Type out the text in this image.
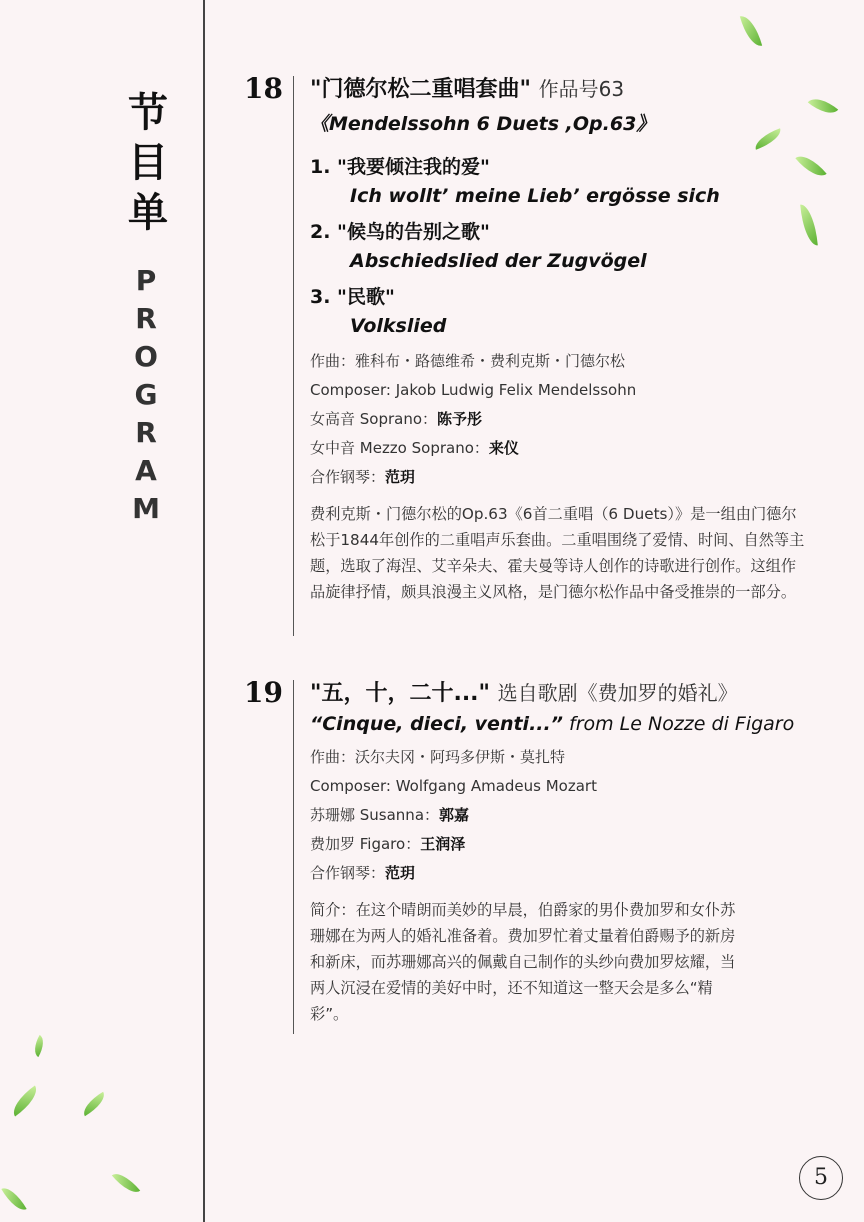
节
目
单
P
R
O
G
R
A
M
18 "门德尔松二重唱套曲" 作品号63
《Mendelssohn 6 Duets ,Op.63》
1. "我要倾注我的爱"
Ich wollt’ meine Lieb’ ergösse sich
2. "候鸟的告别之歌"
Abschiedslied der Zugvögel
3. "民歌"
Volkslied
作曲：雅科布・路德维希・费利克斯・门德尔松
Composer: Jakob Ludwig Felix Mendelssohn
女高音 Soprano：陈予彤
女中音 Mezzo Soprano：来仪
合作钢琴：范玥
费利克斯・门德尔松的Op.63《6首二重唱（6 Duets）》是一组由门德尔松于1844年创作的二重唱声乐套曲。二重唱围绕了爱情、时间、自然等主题，选取了海涅、艾辛朵夫、霍夫曼等诗人创作的诗歌进行创作。这组作品旋律抒情，颇具浪漫主义风格，是门德尔松作品中备受推崇的一部分。
19 "五，十，二十..." 选自歌剧《费加罗的婚礼》
“Cinque, dieci, venti...” from Le Nozze di Figaro
作曲：沃尔夫冈・阿玛多伊斯・莫扎特
Composer: Wolfgang Amadeus Mozart
苏珊娜 Susanna：郭嘉
费加罗 Figaro：王润泽
合作钢琴：范玥
简介：在这个晴朗而美妙的早晨，伯爵家的男仆费加罗和女仆苏珊娜在为两人的婚礼准备着。费加罗忙着丈量着伯爵赐予的新房和新床，而苏珊娜高兴的佩戴自己制作的头纱向费加罗炫耀，当两人沉浸在爱情的美好中时，还不知道这一整天会是多么“精彩”。
5
